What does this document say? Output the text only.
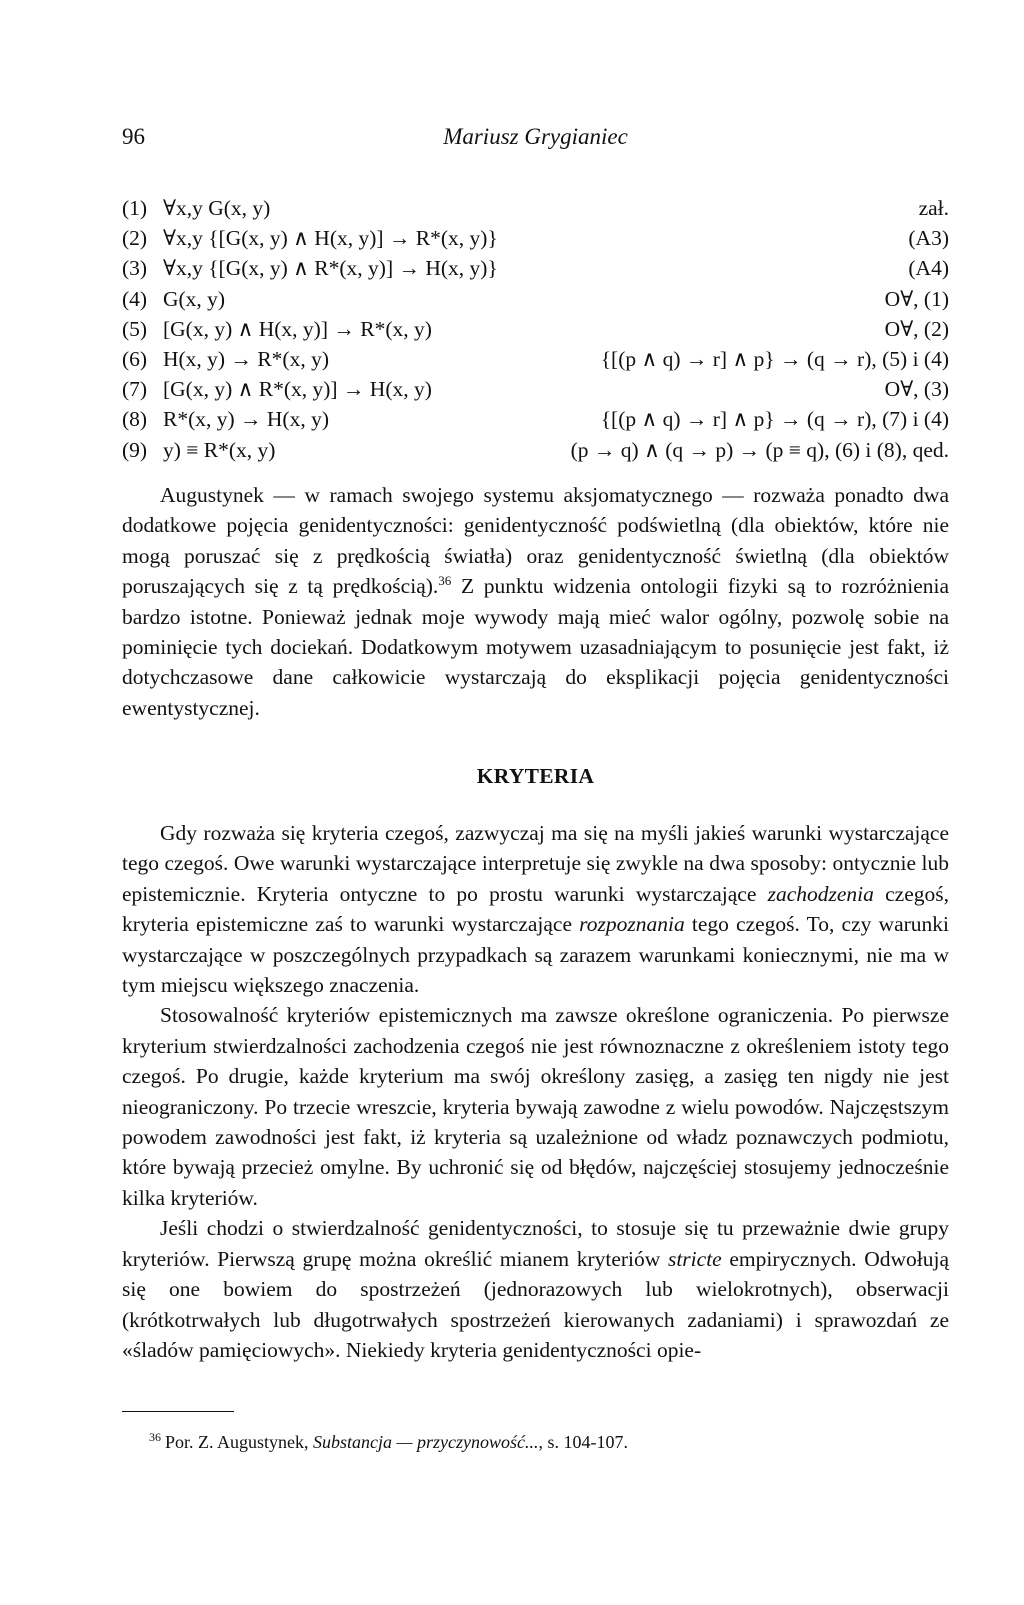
96	Mariusz Grygianiec
(1) ∀x,y G(x, y)	zał.
(2) ∀x,y {[G(x, y) ∧ H(x, y)] → R*(x, y)}	(A3)
(3) ∀x,y {[G(x, y) ∧ R*(x, y)] → H(x, y)}	(A4)
(4) G(x, y)	O∀, (1)
(5) [G(x, y) ∧ H(x, y)] → R*(x, y)	O∀, (2)
(6) H(x, y) → R*(x, y)	{[(p ∧ q) → r] ∧ p} → (q → r), (5) i (4)
(7) [G(x, y) ∧ R*(x, y)] → H(x, y)	O∀, (3)
(8) R*(x, y) → H(x, y)	{[(p ∧ q) → r] ∧ p} → (q → r), (7) i (4)
(9) y) ≡ R*(x, y)	(p → q) ∧ (q → p) → (p ≡ q), (6) i (8), qed.

Augustynek — w ramach swojego systemu aksjomatycznego — rozważa ponadto dwa dodatkowe pojęcia genidentyczności: genidentyczność podświetlną (dla obiektów, które nie mogą poruszać się z prędkością światła) oraz genidentyczność świetlną (dla obiektów poruszających się z tą prędkością).$^{36}$ Z punktu widzenia ontologii fizyki są to rozróżnienia bardzo istotne. Ponieważ jednak moje wywody mają mieć walor ogólny, pozwolę sobie na pominięcie tych dociekań. Dodatkowym motywem uzasadniającym to posunięcie jest fakt, iż dotychczasowe dane całkowicie wystarczają do eksplikacji pojęcia genidentyczności ewentystycznej.

KRYTERIA

Gdy rozważa się kryteria czegoś, zazwyczaj ma się na myśli jakieś warunki wystarczające tego czegoś. Owe warunki wystarczające interpretuje się zwykle na dwa sposoby: ontycznie lub epistemicznie. Kryteria ontyczne to po prostu warunki wystarczające zachodzenia czegoś, kryteria epistemiczne zaś to warunki wystarczające rozpoznania tego czegoś. To, czy warunki wystarczające w poszczególnych przypadkach są zarazem warunkami koniecznymi, nie ma w tym miejscu większego znaczenia.

Stosowalność kryteriów epistemicznych ma zawsze określone ograniczenia. Po pierwsze kryterium stwierdzalności zachodzenia czegoś nie jest równoznaczne z określeniem istoty tego czegoś. Po drugie, każde kryterium ma swój określony zasięg, a zasięg ten nigdy nie jest nieograniczony. Po trzecie wreszcie, kryteria bywają zawodne z wielu powodów. Najczęstszym powodem zawodności jest fakt, iż kryteria są uzależnione od władz poznawczych podmiotu, które bywają przecież omylne. By uchronić się od błędów, najczęściej stosujemy jednocześnie kilka kryteriów.

Jeśli chodzi o stwierdzalność genidentyczności, to stosuje się tu przeważnie dwie grupy kryteriów. Pierwszą grupę można określić mianem kryteriów stricte empirycznych. Odwołują się one bowiem do spostrzeżeń (jednorazowych lub wielokrotnych), obserwacji (krótkotrwałych lub długotrwałych spostrzeżeń kierowanych zadaniami) i sprawozdań ze «śladów pamięciowych». Niekiedy kryteria genidentyczności opie-

$^{36}$ Por. Z. Augustynek, Substancja — przyczynowość..., s. 104-107.
